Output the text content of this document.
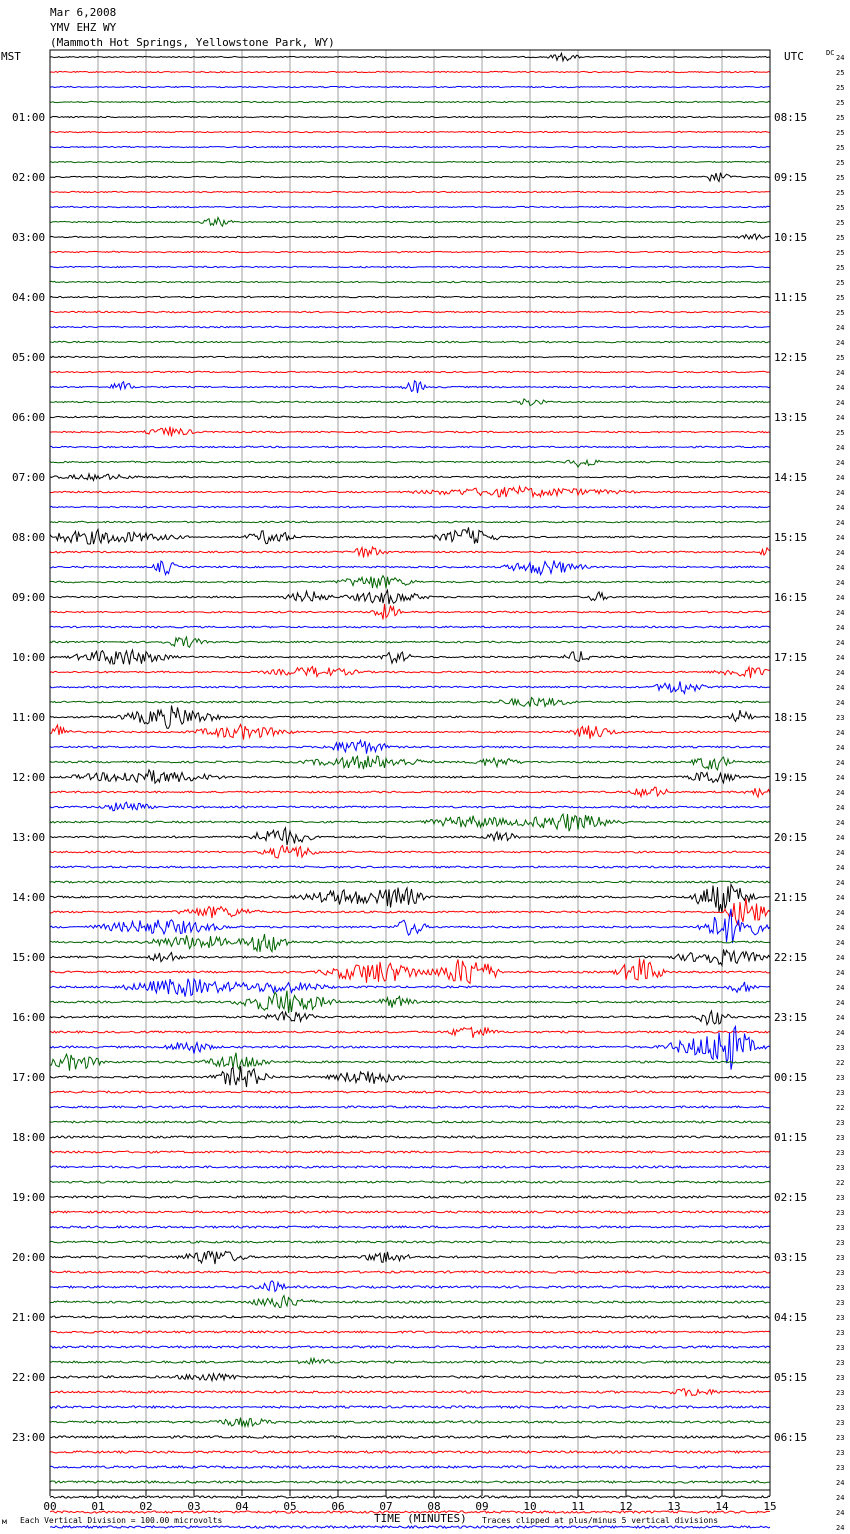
Mar 6,2008
YMV EHZ WY
(Mammoth Hot Springs, Yellowstone Park, WY)
MST	UTC	DC
01:00
02:00
03:00
04:00
05:00
06:00
07:00
08:00
09:00
10:00
11:00
12:00
13:00
14:00
15:00
16:00
17:00
18:00
19:00
20:00
21:00
22:00
23:00
08:15
09:15
10:15
11:15
12:15
13:15
14:15
15:15
16:15
17:15
18:15
19:15
20:15
21:15
22:15
23:15
00:15
01:15
02:15
03:15
04:15
05:15
06:15
24
25
25
25
25
25
25
25
25
25
25
25
25
25
25
25
25
25
24
24
25
24
24
24
24
25
24
24
24
24
24
24
24
24
24
24
24
24
24
24
24
24
24
24
23
24
24
24
24
24
24
24
24
24
24
24
24
24
24
24
24
24
24
24
24
24
23
22
23
23
22
23
23
23
23
22
23
23
23
23
23
23
23
23
23
23
23
23
23
23
23
23
23
23
23
24
24
24
24
00	01	02	03	04	05	06	07	08	09	10	11	12	13	14	15
TIME (MINUTES)
Each Vertical Division = 100.00 microvolts	Traces clipped at plus/minus 5 vertical divisions
м
